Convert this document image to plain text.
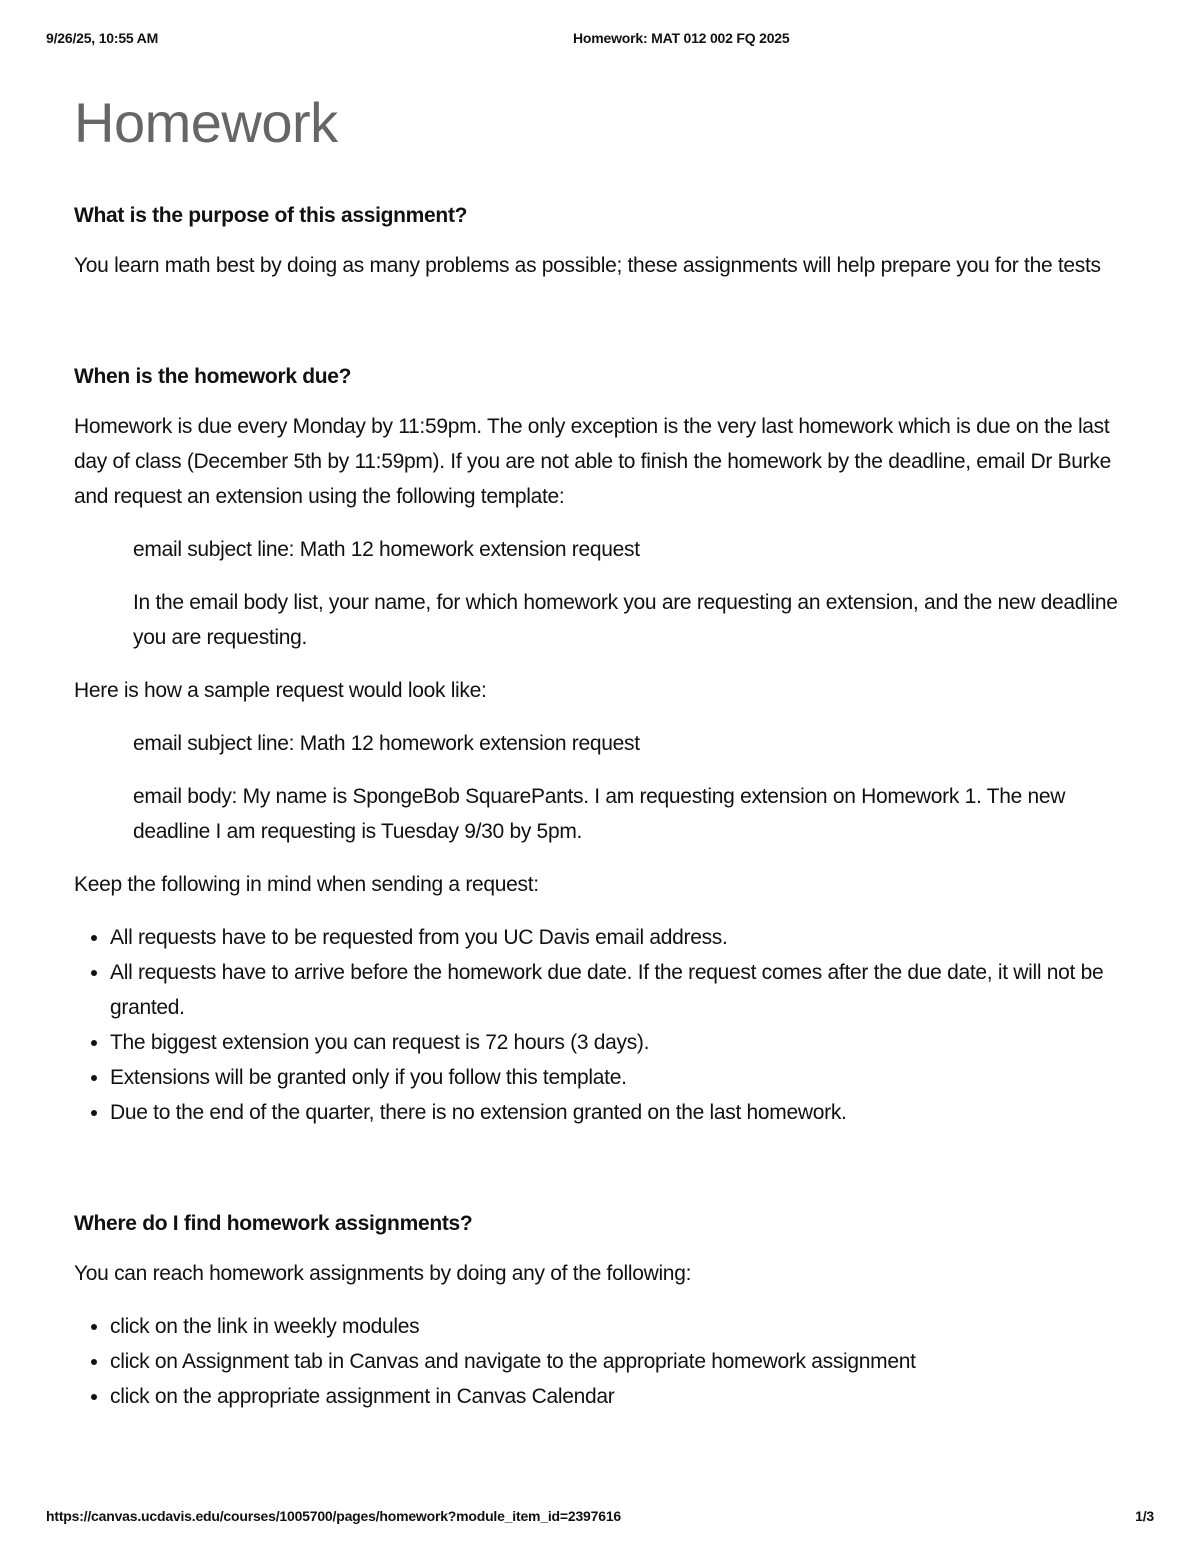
9/26/25, 10:55 AM	Homework: MAT 012 002 FQ 2025
Homework
What is the purpose of this assignment?

You learn math best by doing as many problems as possible; these assignments will help prepare you for the tests

When is the homework due?

Homework is due every Monday by 11:59pm. The only exception is the very last homework which is due on the last day of class (December 5th by 11:59pm). If you are not able to finish the homework by the deadline, email Dr Burke and request an extension using the following template:

email subject line: Math 12 homework extension request

In the email body list, your name, for which homework you are requesting an extension, and the new deadline you are requesting.

Here is how a sample request would look like:

email subject line: Math 12 homework extension request

email body: My name is SpongeBob SquarePants. I am requesting extension on Homework 1. The new deadline I am requesting is Tuesday 9/30 by 5pm.

Keep the following in mind when sending a request:

• All requests have to be requested from you UC Davis email address.
• All requests have to arrive before the homework due date. If the request comes after the due date, it will not be granted.
• The biggest extension you can request is 72 hours (3 days).
• Extensions will be granted only if you follow this template.
• Due to the end of the quarter, there is no extension granted on the last homework.
Where do I find homework assignments?

You can reach homework assignments by doing any of the following:

• click on the link in weekly modules
• click on Assignment tab in Canvas and navigate to the appropriate homework assignment
• click on the appropriate assignment in Canvas Calendar
https://canvas.ucdavis.edu/courses/1005700/pages/homework?module_item_id=2397616	1/3
